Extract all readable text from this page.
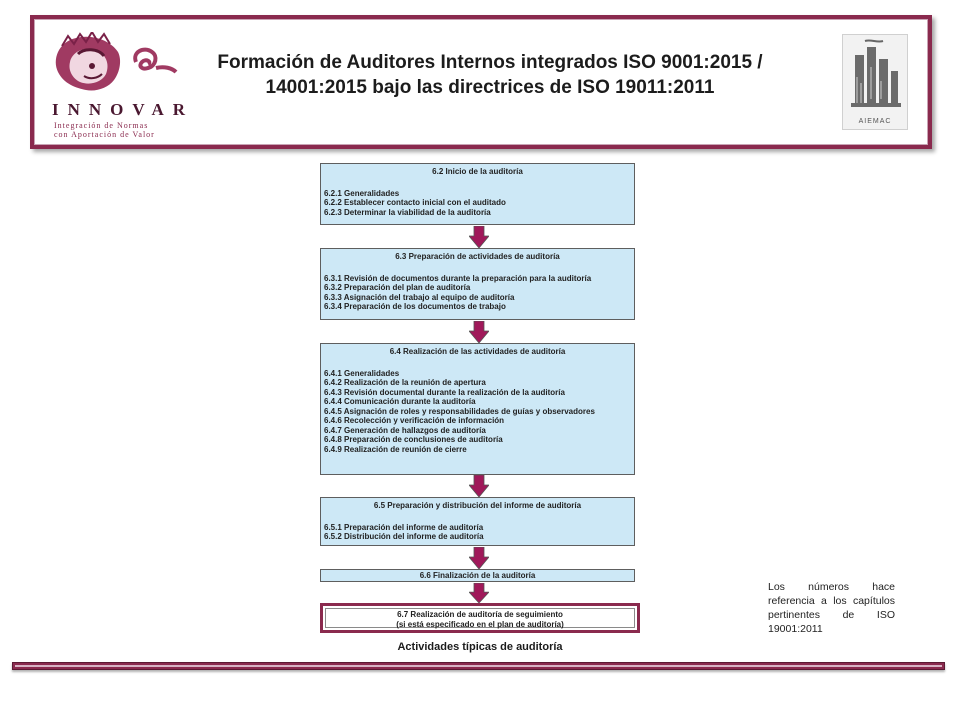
INNOVAR
Integración de Normas
con Aportación de Valor
Formación de Auditores Internos integrados ISO 9001:2015 /
14001:2015 bajo las directrices de ISO 19011:2011
AIEMAC
6.2 Inicio de la auditoría
6.2.1 Generalidades
6.2.2 Establecer contacto inicial con el auditado
6.2.3 Determinar la viabilidad de la auditoría
6.3 Preparación de actividades de auditoría
6.3.1 Revisión de documentos durante la preparación para la auditoría
6.3.2 Preparación del plan de auditoría
6.3.3 Asignación del trabajo al equipo de auditoría
6.3.4 Preparación de los documentos de trabajo
6.4 Realización de las actividades de auditoría
6.4.1 Generalidades
6.4.2 Realización de la reunión de apertura
6.4.3 Revisión documental durante la realización de la auditoría
6.4.4 Comunicación durante la auditoría
6.4.5 Asignación de roles y responsabilidades de guías y observadores
6.4.6 Recolección y verificación de información
6.4.7 Generación de hallazgos de auditoría
6.4.8 Preparación de conclusiones de auditoría
6.4.9 Realización de reunión de cierre
6.5 Preparación y distribución del informe de auditoría
6.5.1 Preparación del informe de auditoría
6.5.2 Distribución del informe de auditoría
6.6 Finalización de la auditoría
6.7 Realización de auditoría de seguimiento
(si está especificado en el plan de auditoría)
Actividades típicas de auditoría
Los números hace referencia a los capítulos pertinentes de ISO 19001:2011
